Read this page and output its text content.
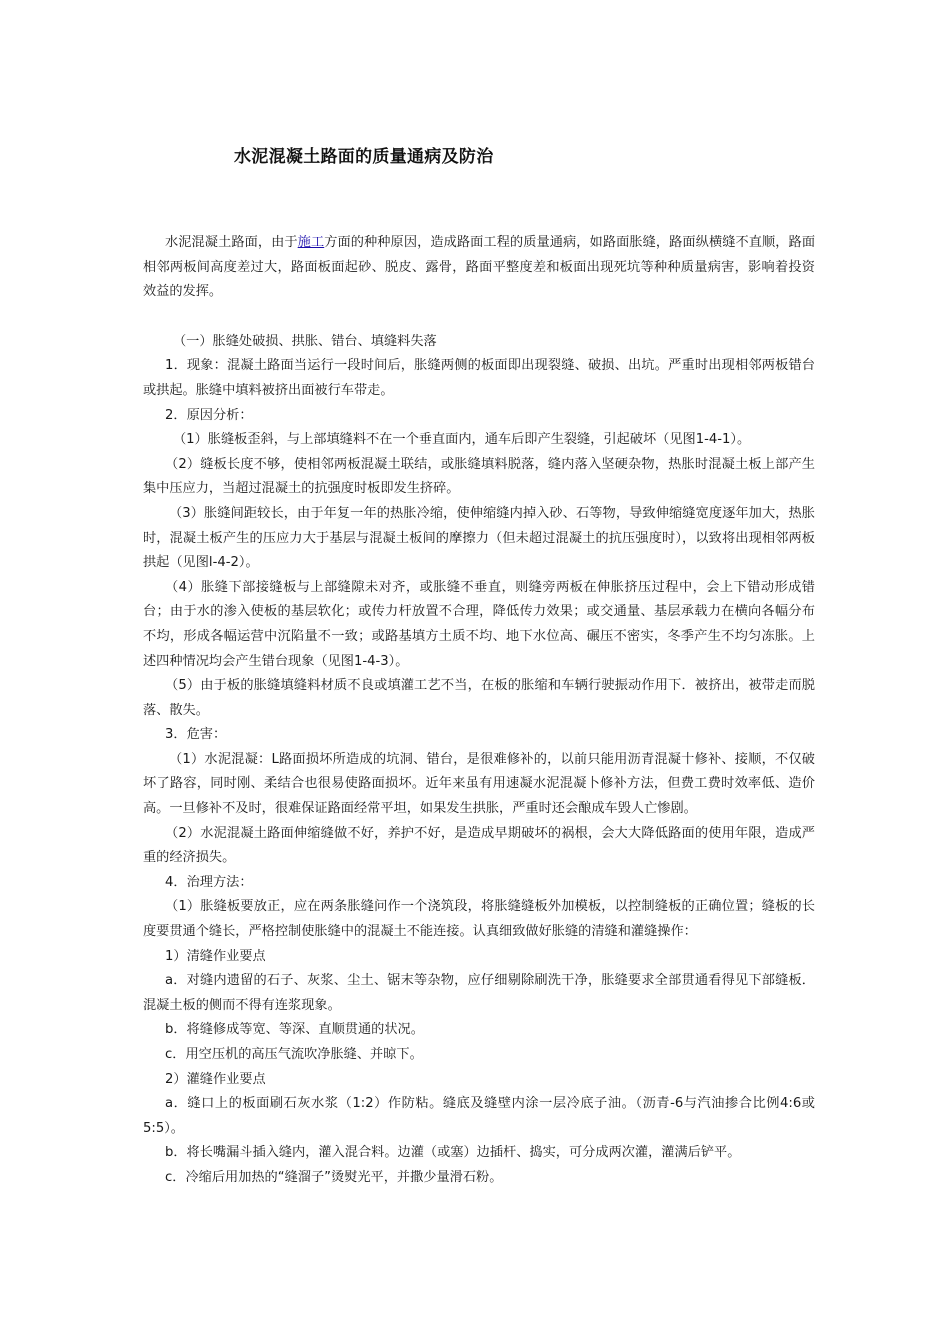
水泥混凝土路面的质量通病及防治

水泥混凝土路面，由于施工方面的种种原因，造成路面工程的质量通病，如路面胀缝，路面纵横缝不直顺，路面相邻两板间高度差过大，路面板面起砂、脱皮、露骨，路面平整度差和板面出现死坑等种种质量病害，影响着投资效益的发挥。

（一）胀缝处破损、拱胀、错台、填缝料失落

1．现象：混凝土路面当运行一段时间后，胀缝两侧的板面即出现裂缝、破损、出坑。严重时出现相邻两板错台或拱起。胀缝中填料被挤出面被行车带走。

2．原因分析：

（1）胀缝板歪斜，与上部填缝料不在一个垂直面内，通车后即产生裂缝，引起破坏（见图1-4-1）。

（2）缝板长度不够，使相邻两板混凝土联结，或胀缝填料脱落，缝内落入坚硬杂物，热胀时混凝土板上部产生集中压应力，当超过混凝土的抗强度时板即发生挤碎。

（3）胀缝间距较长，由于年复一年的热胀冷缩，使伸缩缝内掉入砂、石等物，导致伸缩缝宽度逐年加大，热胀时，混凝土板产生的压应力大于基层与混凝土板间的摩擦力（但未超过混凝土的抗压强度时），以致将出现相邻两板拱起（见图l-4-2）。

（4）胀缝下部接缝板与上部缝隙未对齐，或胀缝不垂直，则缝旁两板在伸胀挤压过程中，会上下错动形成错台；由于水的渗入使板的基层软化；或传力杆放置不合理，降低传力效果；或交通量、基层承载力在横向各幅分布不均，形成各幅运营中沉陷量不一致；或路基填方土质不均、地下水位高、碾压不密实，冬季产生不均匀冻胀。上述四种情况均会产生错台现象（见图1-4-3）。

（5）由于板的胀缝填缝料材质不良或填灌工艺不当，在板的胀缩和车辆行驶振动作用下．被挤出，被带走而脱落、散失。

3．危害：

（1）水泥混凝：L路面损坏所造成的坑洞、错台，是很难修补的，以前只能用沥青混凝十修补、接顺，不仅破坏了路容，同时刚、柔结合也很易使路面损坏。近年来虽有用速凝水泥混凝卜修补方法，但费工费时效率低、造价高。一旦修补不及时，很难保证路面经常平坦，如果发生拱胀，严重时还会酿成车毁人亡惨剧。

（2）水泥混凝土路面伸缩缝做不好，养护不好，是造成早期破坏的祸根，会大大降低路面的使用年限，造成严重的经济损失。

4．治理方法：

（1）胀缝板要放正，应在两条胀缝问作一个浇筑段，将胀缝缝板外加模板，以控制缝板的正确位置；缝板的长度要贯通个缝长，严格控制使胀缝中的混凝土不能连接。认真细致做好胀缝的清缝和灌缝操作：

1）清缝作业要点

a．对缝内遗留的石子、灰浆、尘土、锯末等杂物，应仔细剔除刷洗干净，胀缝要求全部贯通看得见下部缝板．混凝土板的侧而不得有连浆现象。

b．将缝修成等宽、等深、直顺贯通的状况。

c．用空压机的高压气流吹净胀缝、并晾下。

2）灌缝作业要点

a．缝口上的板面刷石灰水浆（1:2）作防粘。缝底及缝壁内涂一层冷底子油。（沥青-6与汽油掺合比例4:6或5:5）。

b．将长嘴漏斗插入缝内，灌入混合料。边灌（或塞）边插杆、捣实，可分成两次灌，灌满后铲平。

c．冷缩后用加热的“缝溜子”烫熨光平，并撒少量滑石粉。
